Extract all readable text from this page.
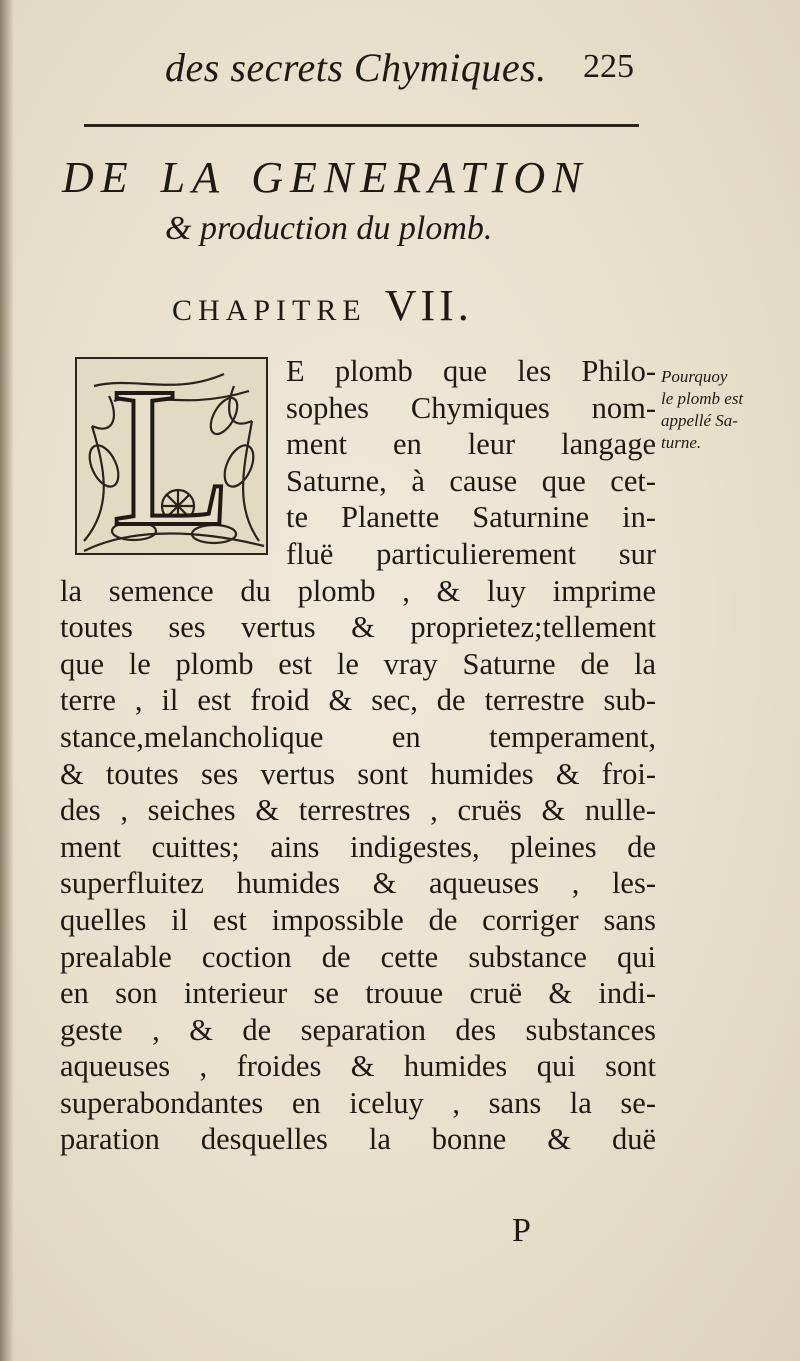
des secrets Chymiques. 225
DE LA GENERATION
& production du plomb.
CHAPITRE VII.
L	E plomb que les Philo-
sophes Chymiques nom-
ment en leur langage
Saturne, à cause que cet-
te Planette Saturnine in-
fluë particulierement sur
la semence du plomb , & luy imprime
toutes ses vertus & proprietez;tellement
que le plomb est le vray Saturne de la
terre , il est froid & sec, de terrestre sub-
stance,melancholique en temperament,
& toutes ses vertus sont humides & froi-
des , seiches & terrestres , cruës & nulle-
ment cuittes; ains indigestes, pleines de
superfluitez humides & aqueuses , les-
quelles il est impossible de corriger sans
prealable coction de cette substance qui
en son interieur se trouue cruë & indi-
geste , & de separation des substances
aqueuses , froides & humides qui sont
superabondantes en iceluy , sans la se-
paration desquelles la bonne & duë
Pourquoy
le plomb est
appellé Sa-
turne.
P
